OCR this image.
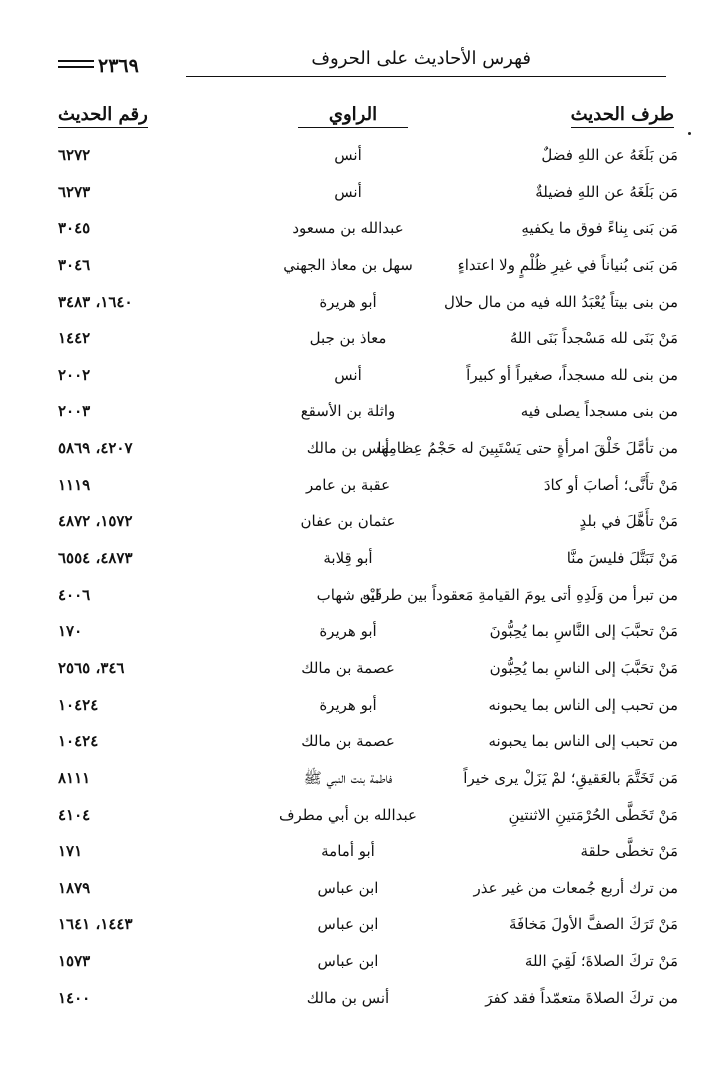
فهرس الأحاديث على الحروف
٢٣٦٩
طرف الحديث
الراوي
رقم الحديث
مَن بَلَغَهُ عن اللهِ فضلٌ
أنس
٦٢٧٢
مَن بَلَغَهُ عن اللهِ فضيلةٌ
أنس
٦٢٧٣
مَن بَنى بِناءً فوق ما يكفيهِ
عبدالله بن مسعود
٣٠٤٥
مَن بَنى بُنياناً في غيرِ ظُلْمٍ ولا اعتداءٍ
سهل بن معاذ الجهني
٣٠٤٦
من بنى بيتاً يُعْبَدُ الله فيه من مال حلال
أبو هريرة
١٦٤٠، ٣٤٨٣
مَنْ بَنَى لله مَسْجداً بَنَى اللهُ
معاذ بن جبل
١٤٤٢
من بنى لله مسجداً، صغيراً أو كبيراً
أنس
٢٠٠٢
من بنى مسجداً يصلى فيه
واثلة بن الأسقع
٢٠٠٣
من تأمَّلَ خَلْقَ امرأةٍ حتى يَسْتَبِينَ له حَجْمُ عِظامِها
أنس بن مالك
٤٢٠٧، ٥٨٦٩
مَنْ تأَنَّى؛ أصابَ أو كادَ
عقبة بن عامر
١١١٩
مَنْ تأَهَّلَ في بلدٍ
عثمان بن عفان
١٥٧٢، ٤٨٧٢
مَنْ تَبَتَّلَ فليسَ منَّا
أبو قِلابة
٤٨٧٣، ٦٥٥٤
من تبرأ من وَلَدِهِ أتى يومَ القيامةِ مَعقوداً بين طرفَيْهِ
ابن شهاب
٤٠٠٦
مَنْ تحبَّبَ إلى النَّاسِ بما يُحِبُّونَ
أبو هريرة
١٧٠
مَنْ تحَبَّبَ إلى الناسِ بما يُحِبُّون
عصمة بن مالك
٣٤٦، ٢٥٦٥
من تحبب إلى الناس بما يحبونه
أبو هريرة
١٠٤٢٤
من تحبب إلى الناس بما يحبونه
عصمة بن مالك
١٠٤٢٤
مَن تَخَتَّمَ بالعَقيقِ؛ لمْ يَزَلْ يرى خيراً
فاطمة بنت النبي ﷺ
٨١١١
مَنْ تَخَطَّى الحُرْمَتينِ الاثنتينِ
عبدالله بن أبي مطرف
٤١٠٤
مَنْ تخطَّى حلقة
أبو أمامة
١٧١
من ترك أربع جُمعات من غير عذر
ابن عباس
١٨٧٩
مَنْ تَرَكَ الصفَّ الأولَ مَخافَةَ
ابن عباس
١٤٤٣، ١٦٤١
مَنْ تركَ الصلاةَ؛ لَقِيَ اللهَ
ابن عباس
١٥٧٣
من تركَ الصلاةَ متعمّداً فقد كفرَ
أنس بن مالك
١٤٠٠
